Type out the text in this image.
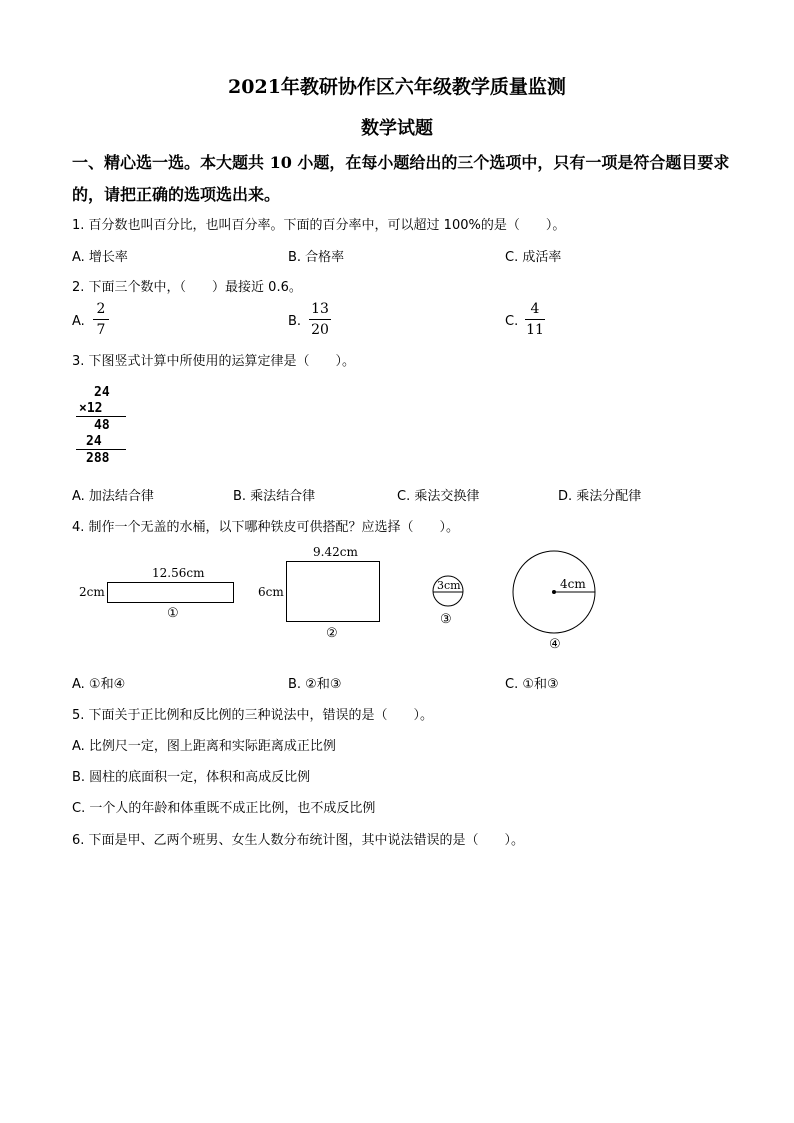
2021年教研协作区六年级教学质量监测
数学试题
一、精心选一选。本大题共 10 小题，在每小题给出的三个选项中，只有一项是符合题目要求
的，请把正确的选项选出来。
1. 百分数也叫百分比，也叫百分率。下面的百分率中，可以超过 100%的是（　　）。
A. 增长率	B. 合格率	C. 成活率
2. 下面三个数中，（　　）最接近 0.6。
A.
2
7
B.
13
20
C.
4
11
3. 下图竖式计算中所使用的运算定律是（　　）。
24
×12
48
24
288
A. 加法结合律	B. 乘法结合律	C. 乘法交换律	D. 乘法分配律
4. 制作一个无盖的水桶，以下哪种铁皮可供搭配？应选择（　　）。
12.56cm
2cm
①
9.42cm
6cm
②
3cm
③
4cm
④
A. ①和④	B. ②和③	C. ①和③
5. 下面关于正比例和反比例的三种说法中，错误的是（　　）。
A. 比例尺一定，图上距离和实际距离成正比例
B. 圆柱的底面积一定，体积和高成反比例
C. 一个人的年龄和体重既不成正比例，也不成反比例
6. 下面是甲、乙两个班男、女生人数分布统计图，其中说法错误的是（　　）。
